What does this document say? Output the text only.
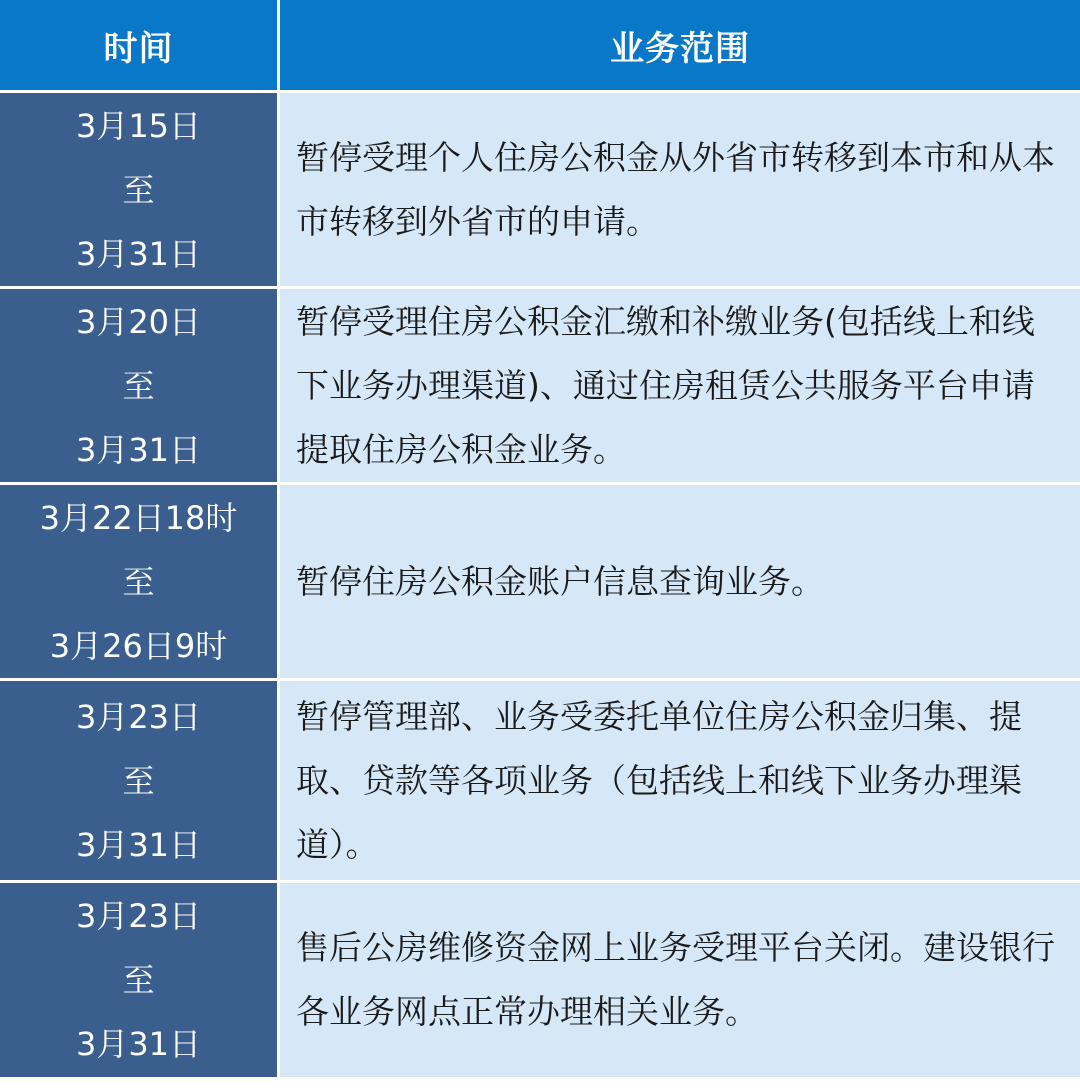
时间	业务范围
3月15日
至
3月31日
暂停受理个人住房公积金从外省市转移到本市和从本市转移到外省市的申请。
3月20日
至
3月31日
暂停受理住房公积金汇缴和补缴业务(包括线上和线下业务办理渠道)、通过住房租赁公共服务平台申请提取住房公积金业务。
3月22日18时
至
3月26日9时
暂停住房公积金账户信息查询业务。
3月23日
至
3月31日
暂停管理部、业务受委托单位住房公积金归集、提取、贷款等各项业务（包括线上和线下业务办理渠道）。
3月23日
至
3月31日
售后公房维修资金网上业务受理平台关闭。建设银行各业务网点正常办理相关业务。
